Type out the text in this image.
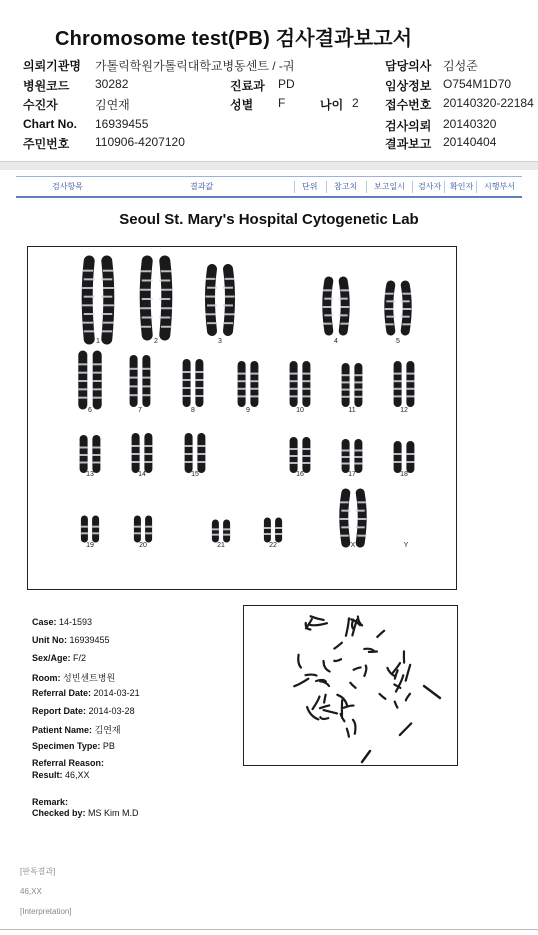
Chromosome test(PB) 검사결과보고서
의뢰기관명 가톨릭학원가톨릭대학교병동센트 / -궈	담당의사 김성준
병원코드 30282	진료과 PD	임상정보 O754M1D70
수진자	김연재	성별 F	나이 2 접수번호 20140320-22184
Chart No. 16939455	검사의뢰 20140320
주민번호 110906-4207120	결과보고 20140404
검사항목	결과값	단위 참고치 보고일시 검사자 확인자 시행부서
Seoul St. Mary's Hospital Cytogenetic Lab
1	2	3	4	5
6	7	8	9	10	11	12
13	14	15	16	17	18
19	20	21	22	X	Y
Case: 14-1593
Unit No: 16939455
Sex/Age: F/2
Room: 성빈센트병원
Referral Date: 2014-03-21
Report Date: 2014-03-28
Patient Name: 김연재
Specimen Type: PB
Referral Reason:
Result: 46,XX
Remark:
Checked by: MS Kim M.D
[판독결과]
46,XX
[Interpretation]
